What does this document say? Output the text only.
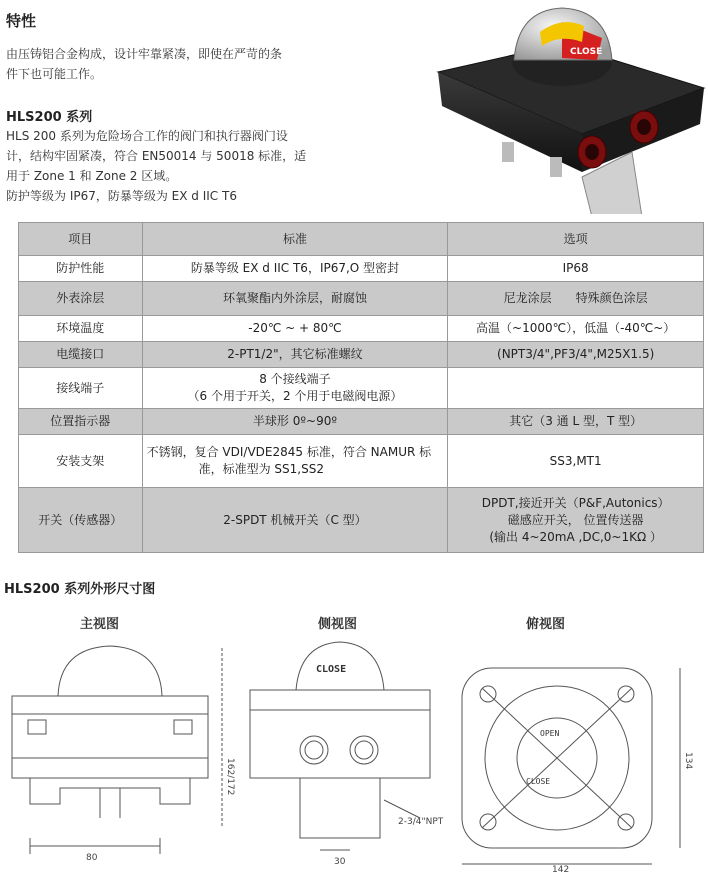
特性
由压铸铝合金构成，设计牢靠紧凑，即使在严苛的条
件下也可能工作。
HLS200 系列
HLS 200 系列为危险场合工作的阀门和执行器阀门设
计，结构牢固紧凑，符合 EN50014 与 50018 标准，适
用于 Zone 1 和 Zone 2 区域。
防护等级为 IP67，防暴等级为 EX d IIC T6
CLOSE
项目	标准	选项
防护性能	防暴等级 EX d IIC T6，IP67,O 型密封	IP68
外表涂层	环氧聚酯内外涂层，耐腐蚀	尼龙涂层　　特殊颜色涂层
环境温度	-20℃ ~ + 80℃	高温（~1000℃），低温（-40℃~）
电缆接口	2-PT1/2"，其它标准螺纹	(NPT3/4",PF3/4",M25X1.5)
接线端子	8 个接线端子
（6 个用于开关，2 个用于电磁阀电源）	

位置指示器	半球形 0º~90º	其它（3 通 L 型，T 型）
安装支架	不锈钢，复合 VDI/VDE2845 标准，符合 NAMUR 标
准，标准型为 SS1,SS2	SS3,MT1
开关（传感器）	2-SPDT 机械开关（C 型）	DPDT,接近开关（P&F,Autonics）
磁感应开关， 位置传送器
(输出 4~20mA ,DC,0~1KΩ ）
HLS200 系列外形尺寸图
主视图	侧视图	俯视图
80
162/172
CLOSE
30
2-3/4"NPT
OPEN
CLOSE
142
134
